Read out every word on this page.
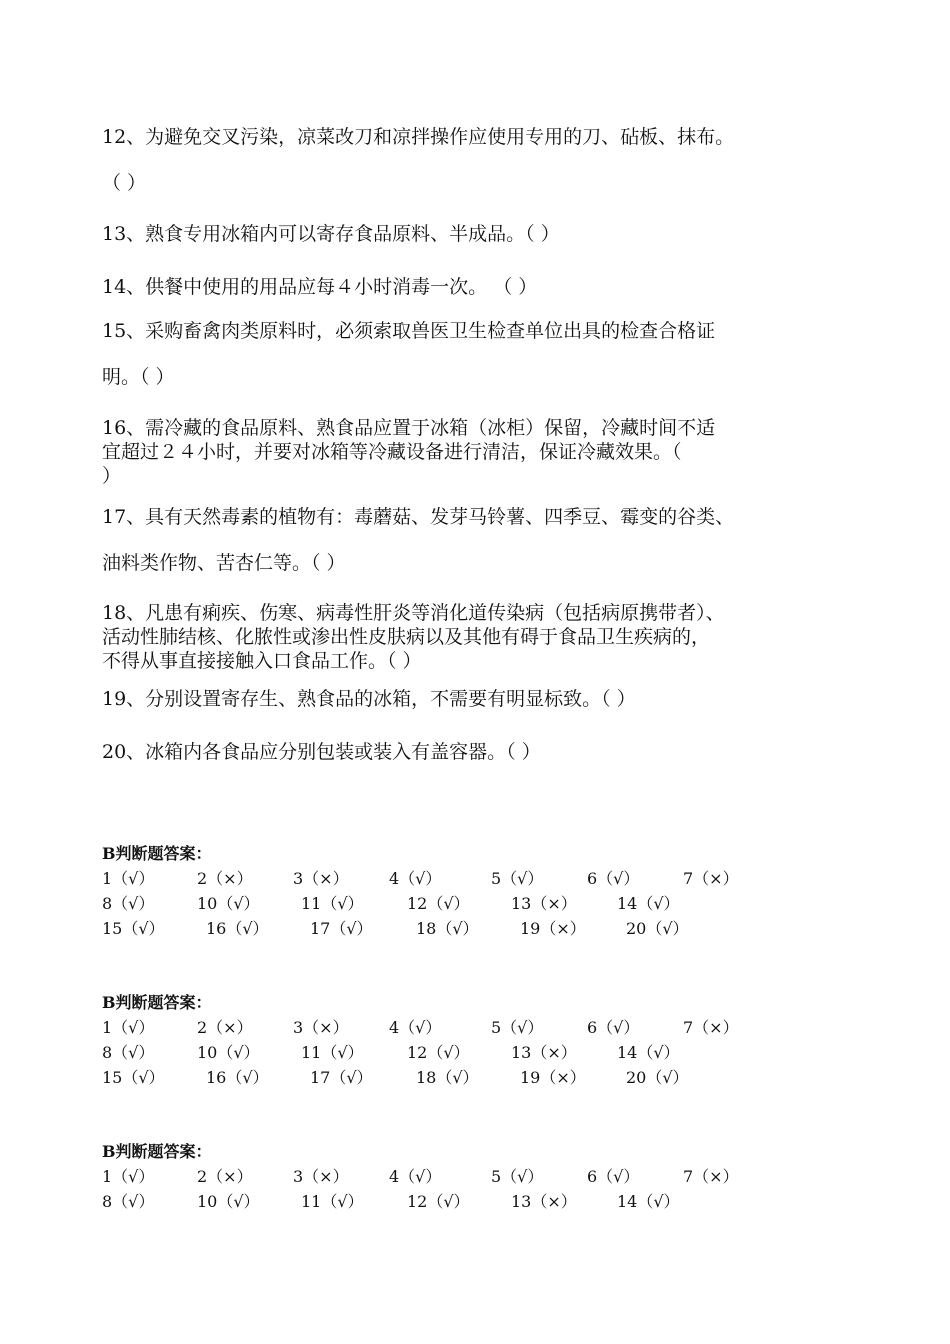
12、为避免交叉污染，凉菜改刀和凉拌操作应使用专用的刀、砧板、抹布。
（ ）
13、熟食专用冰箱内可以寄存食品原料、半成品。（ ）
14、供餐中使用的用品应每４小时消毒一次。 （ ）
15、采购畜禽肉类原料时，必须索取兽医卫生检查单位出具的检查合格证
明。（ ）
16、需冷藏的食品原料、熟食品应置于冰箱（冰柜）保留，冷藏时间不适
宜超过２４小时，并要对冰箱等冷藏设备进行清洁，保证冷藏效果。（
）
17、具有天然毒素的植物有：毒蘑菇、发芽马铃薯、四季豆、霉变的谷类、
油料类作物、苦杏仁等。（ ）
18、凡患有痢疾、伤寒、病毒性肝炎等消化道传染病（包括病原携带者）、
活动性肺结核、化脓性或渗出性皮肤病以及其他有碍于食品卫生疾病的，
不得从事直接接触入口食品工作。（ ）
19、分别设置寄存生、熟食品的冰箱，不需要有明显标致。（ ）
20、冰箱内各食品应分别包装或装入有盖容器。（ ）
B判断题答案：
1（√）	2（×）	3（×）	4（√）	5（√）	6（√）	7（×）
8（√）	10（√）	11（√）	12（√）	13（×）	14（√）
15（√）	16（√）	17（√）	18（√）	19（×）	20（√）
B判断题答案：
1（√）	2（×）	3（×）	4（√）	5（√）	6（√）	7（×）
8（√）	10（√）	11（√）	12（√）	13（×）	14（√）
15（√）	16（√）	17（√）	18（√）	19（×）	20（√）
B判断题答案：
1（√）	2（×）	3（×）	4（√）	5（√）	6（√）	7（×）
8（√）	10（√）	11（√）	12（√）	13（×）	14（√）
